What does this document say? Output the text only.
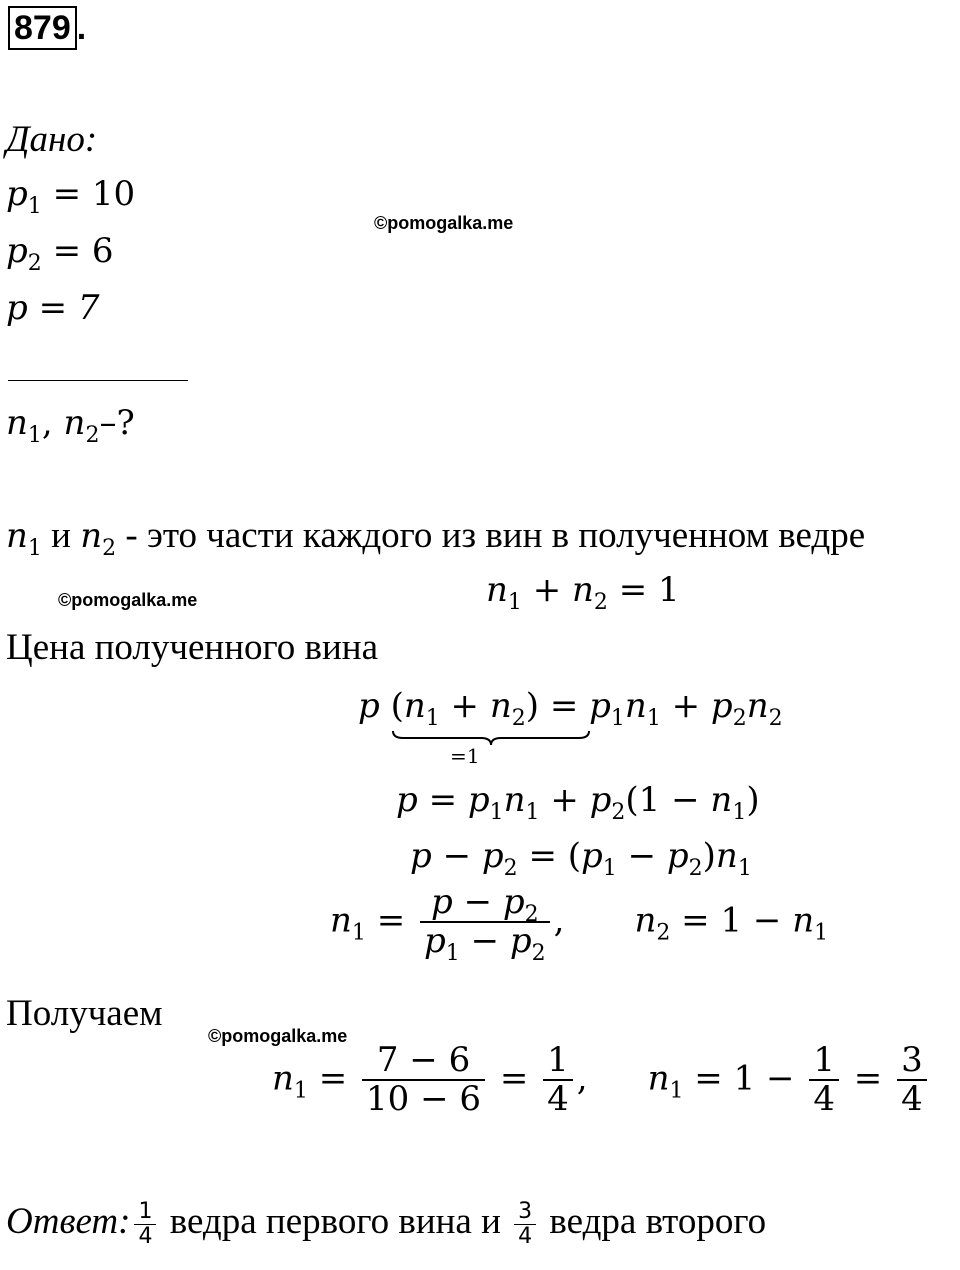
879 .
Дано:
$p_1 = 10$
$p_2 = 6$
p = 7
©pomogalka.me
$n_1$, $n_2-$?
$n_1$ и $n_2$ - это части каждого из вин в полученном ведре
©pomogalka.me	$n_1 + n_2 = 1$
Цена полученного вина
p $(n_1 + n_2)$
=1
= $p_1n_1 + p_2n_2$
$p = p_1n_1 + p_2(1 - n_1)$
$p - p_2 = (p_1 - p_2)n_1$
$n_1 = \frac{p - p_2}{p_1 - p_2}$ , $n_2 = 1 - n_1$
Получаем
©pomogalka.me
$n_1 = \frac{7 - 6}{10 - 6} = \frac{1}{4}$ , $n_1 = 1 - \frac{1}{4} = \frac{3}{4}$
Ответ: $\frac{1}{4}$ ведра первого вина и $\frac{3}{4}$ ведра второго
